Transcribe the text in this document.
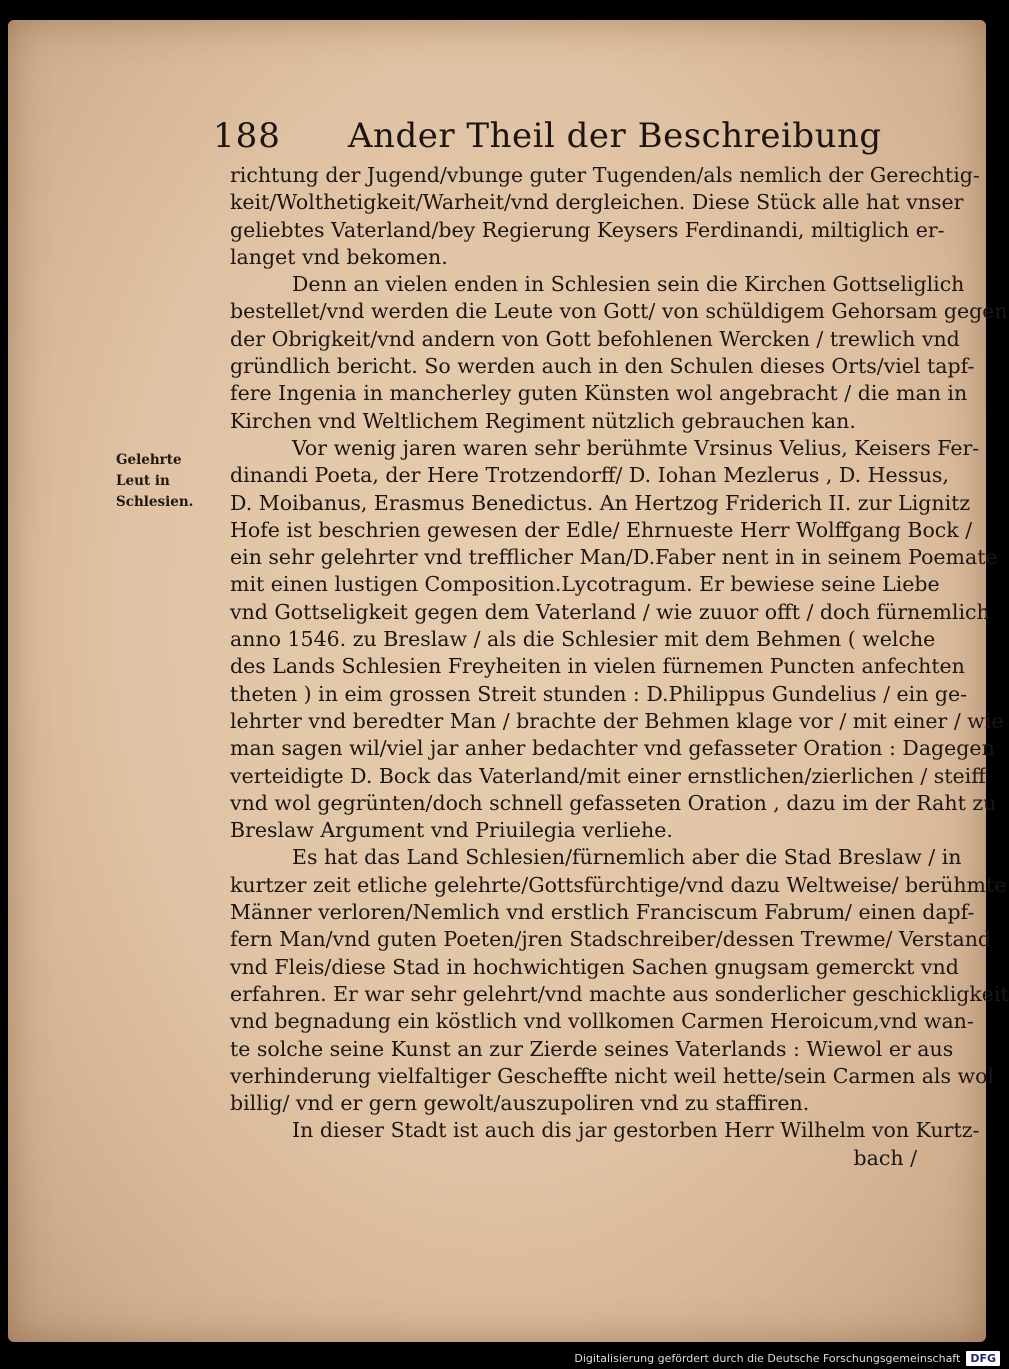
188 Ander Theil der Beschreibung
Gelehrte
Leut in
Schlesien.
richtung der Jugend/vbunge guter Tugenden/als nemlich der Gerechtig-
keit/Wolthetigkeit/Warheit/vnd dergleichen. Diese Stück alle hat vnser
geliebtes Vaterland/bey Regierung Keysers Ferdinandi, miltiglich er-
langet vnd bekomen.
Denn an vielen enden in Schlesien sein die Kirchen Gottseliglich
bestellet/vnd werden die Leute von Gott/ von schüldigem Gehorsam gegen
der Obrigkeit/vnd andern von Gott befohlenen Wercken / trewlich vnd
gründlich bericht. So werden auch in den Schulen dieses Orts/viel tapf-
fere Ingenia in mancherley guten Künsten wol angebracht / die man in
Kirchen vnd Weltlichem Regiment nützlich gebrauchen kan.
Vor wenig jaren waren sehr berühmte Vrsinus Velius, Keisers Fer-
dinandi Poeta, der Here Trotzendorff/ D. Iohan Mezlerus , D. Hessus,
D. Moibanus, Erasmus Benedictus. An Hertzog Friderich II. zur Lignitz
Hofe ist beschrien gewesen der Edle/ Ehrnueste Herr Wolffgang Bock /
ein sehr gelehrter vnd trefflicher Man/D.Faber nent in in seinem Poemate
mit einen lustigen Composition.Lycotragum. Er bewiese seine Liebe
vnd Gottseligkeit gegen dem Vaterland / wie zuuor offt / doch fürnemlich
anno 1546. zu Breslaw / als die Schlesier mit dem Behmen ( welche
des Lands Schlesien Freyheiten in vielen fürnemen Puncten anfechten
theten ) in eim grossen Streit stunden : D.Philippus Gundelius / ein ge-
lehrter vnd beredter Man / brachte der Behmen klage vor / mit einer / wie
man sagen wil/viel jar anher bedachter vnd gefasseter Oration : Dagegen
verteidigte D. Bock das Vaterland/mit einer ernstlichen/zierlichen / steiff
vnd wol gegrünten/doch schnell gefasseten Oration , dazu im der Raht zu
Breslaw Argument vnd Priuilegia verliehe.
Es hat das Land Schlesien/fürnemlich aber die Stad Breslaw / in
kurtzer zeit etliche gelehrte/Gottsfürchtige/vnd dazu Weltweise/ berühmte
Männer verloren/Nemlich vnd erstlich Franciscum Fabrum/ einen dapf-
fern Man/vnd guten Poeten/jren Stadschreiber/dessen Trewme/ Verstand
vnd Fleis/diese Stad in hochwichtigen Sachen gnugsam gemerckt vnd
erfahren. Er war sehr gelehrt/vnd machte aus sonderlicher geschickligkeit
vnd begnadung ein köstlich vnd vollkomen Carmen Heroicum,vnd wan-
te solche seine Kunst an zur Zierde seines Vaterlands : Wiewol er aus
verhinderung vielfaltiger Gescheffte nicht weil hette/sein Carmen als wol
billig/ vnd er gern gewolt/auszupoliren vnd zu staffiren.
In dieser Stadt ist auch dis jar gestorben Herr Wilhelm von Kurtz-
bach /
Digitalisierung gefördert durch die Deutsche Forschungsgemeinschaft DFG
